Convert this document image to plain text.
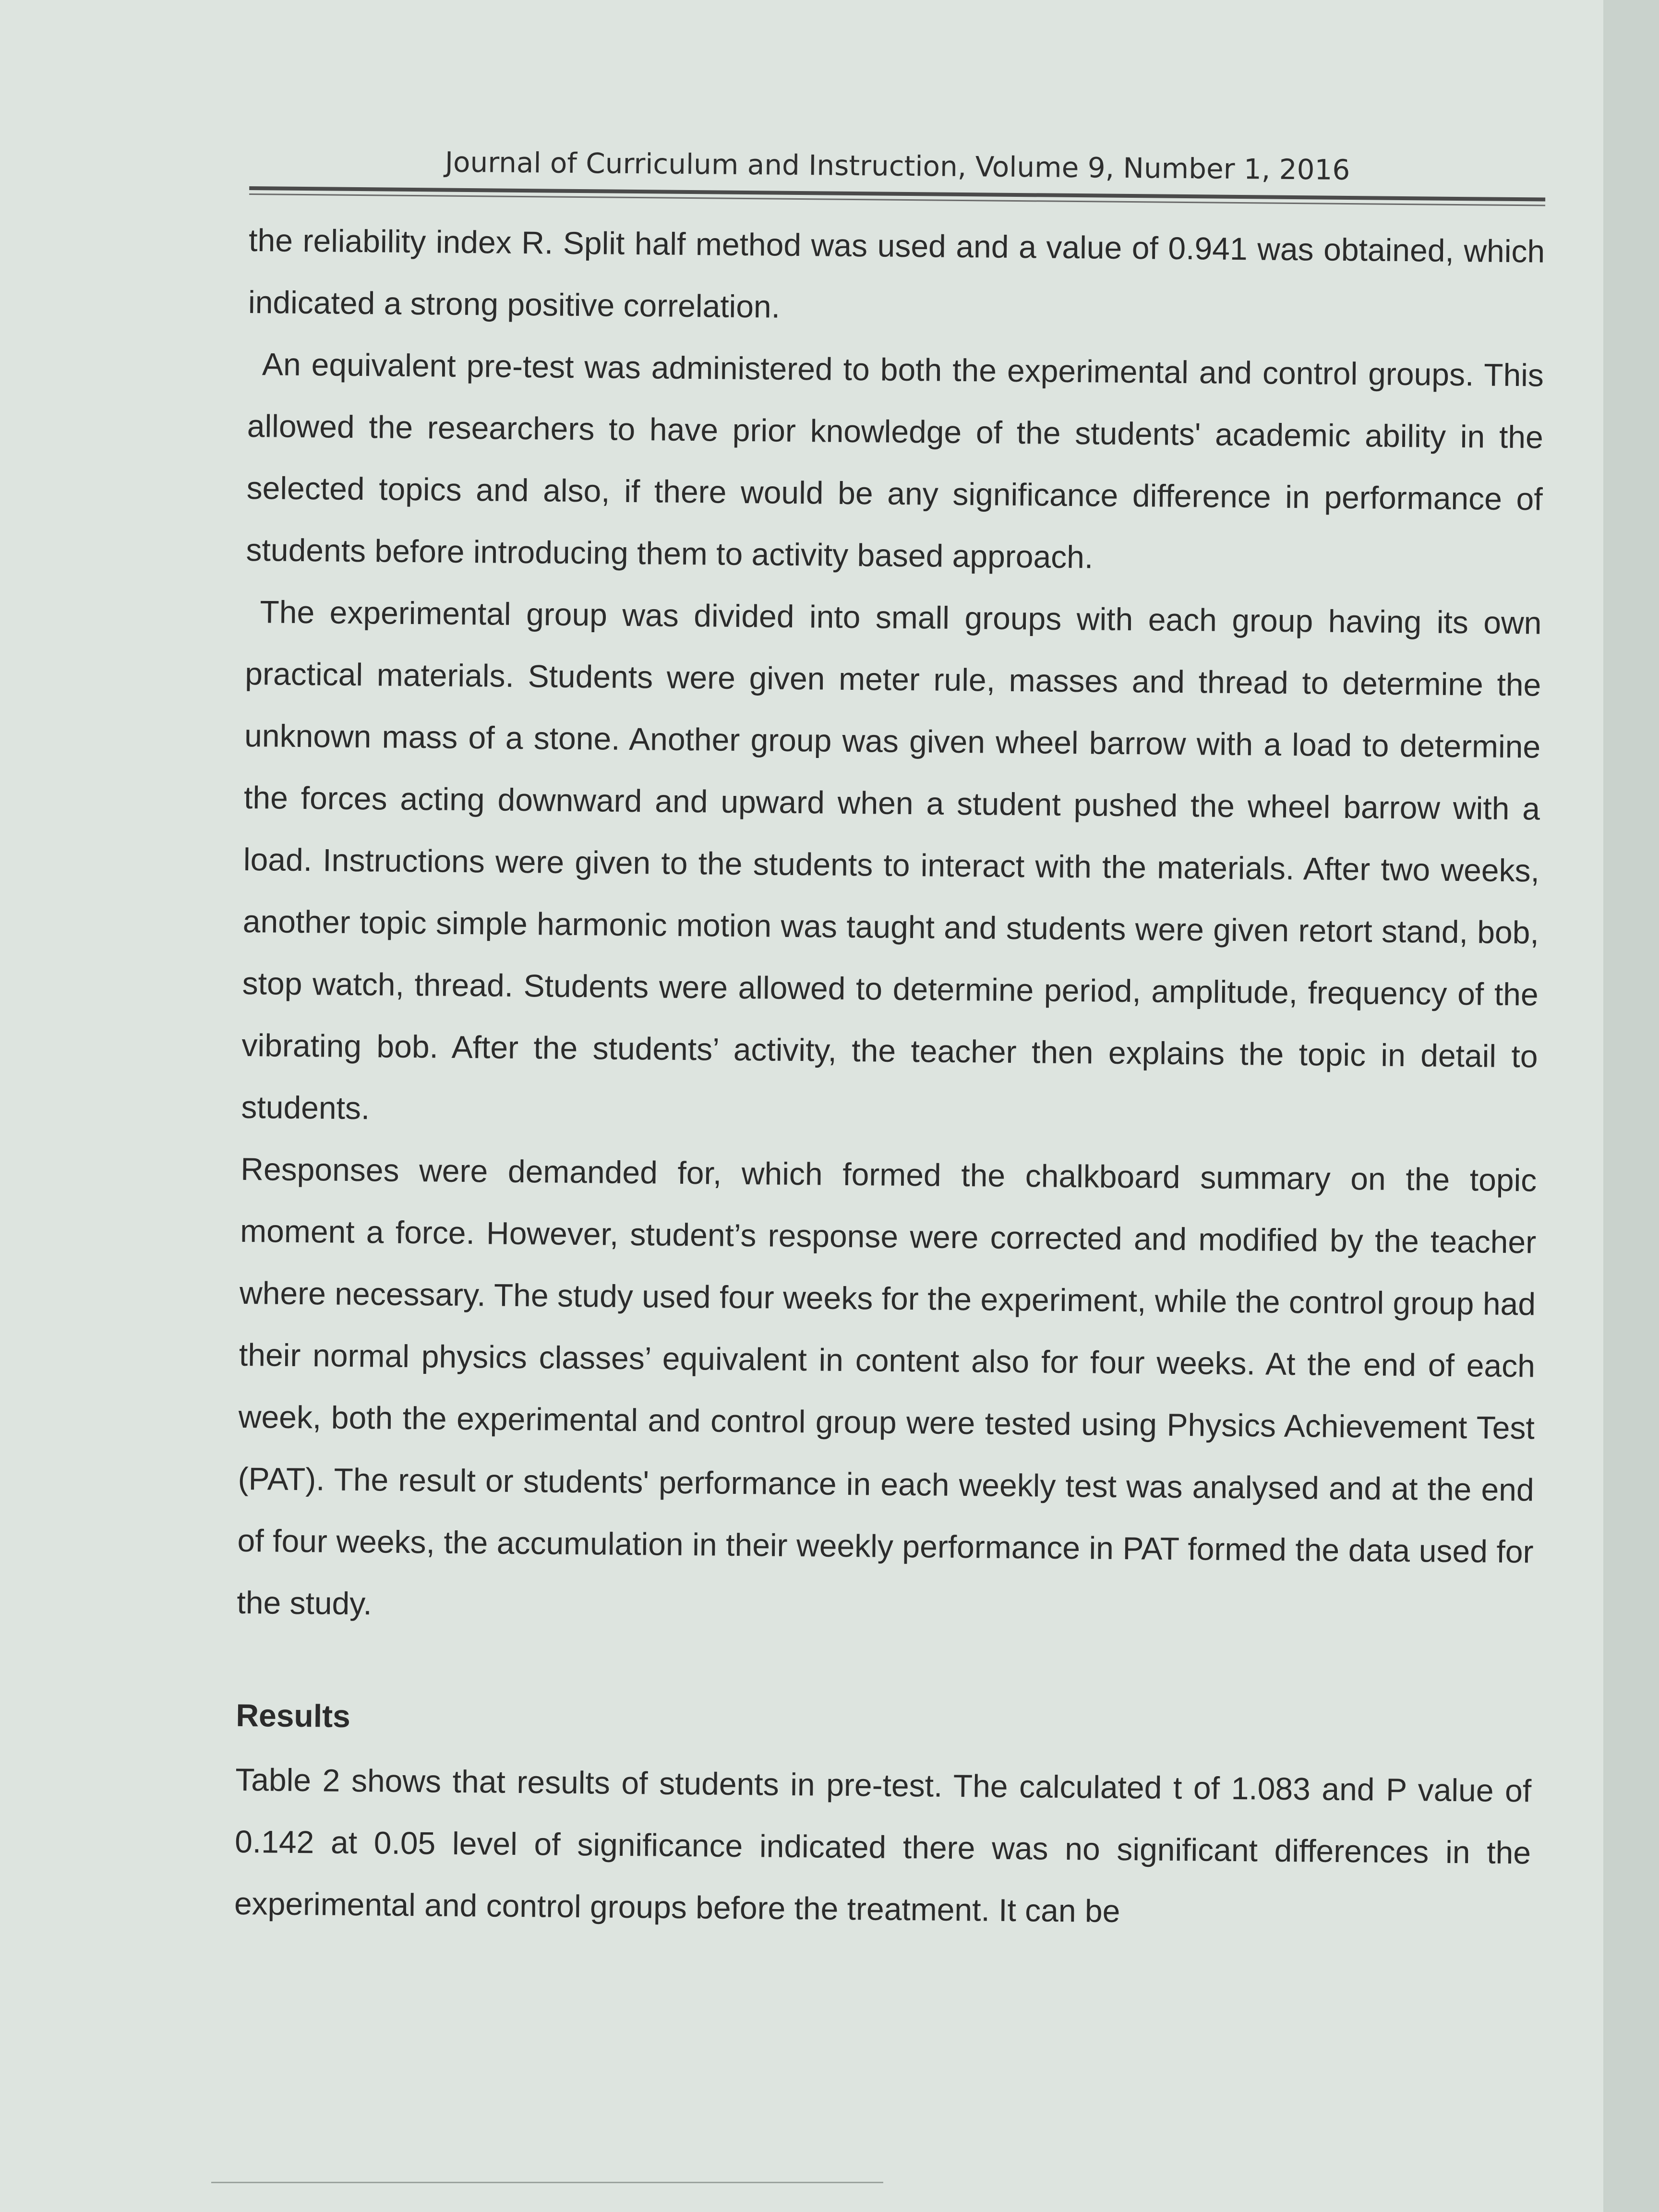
Journal of Curriculum and Instruction, Volume 9, Number 1, 2016

the reliability index R. Split half method was used and a value of 0.941 was obtained, which indicated a strong positive correlation.

An equivalent pre-test was administered to both the experimental and control groups. This allowed the researchers to have prior knowledge of the students' academic ability in the selected topics and also, if there would be any significance difference in performance of students before introducing them to activity based approach.

The experimental group was divided into small groups with each group having its own practical materials. Students were given meter rule, masses and thread to determine the unknown mass of a stone. Another group was given wheel barrow with a load to determine the forces acting downward and upward when a student pushed the wheel barrow with a load. Instructions were given to the students to interact with the materials. After two weeks, another topic simple harmonic motion was taught and students were given retort stand, bob, stop watch, thread. Students were allowed to determine period, amplitude, frequency of the vibrating bob. After the students’ activity, the teacher then explains the topic in detail to students.

Responses were demanded for, which formed the chalkboard summary on the topic moment a force. However, student’s response were corrected and modified by the teacher where necessary. The study used four weeks for the experiment, while the control group had their normal physics classes’ equivalent in content also for four weeks. At the end of each week, both the experimental and control group were tested using Physics Achievement Test (PAT). The result or students' performance in each weekly test was analysed and at the end of four weeks, the accumulation in their weekly performance in PAT formed the data used for the study.

Results
Table 2 shows that results of students in pre-test. The calculated t of 1.083 and P value of 0.142 at 0.05 level of significance indicated there was no significant differences in the experimental and control groups before the treatment. It can be
